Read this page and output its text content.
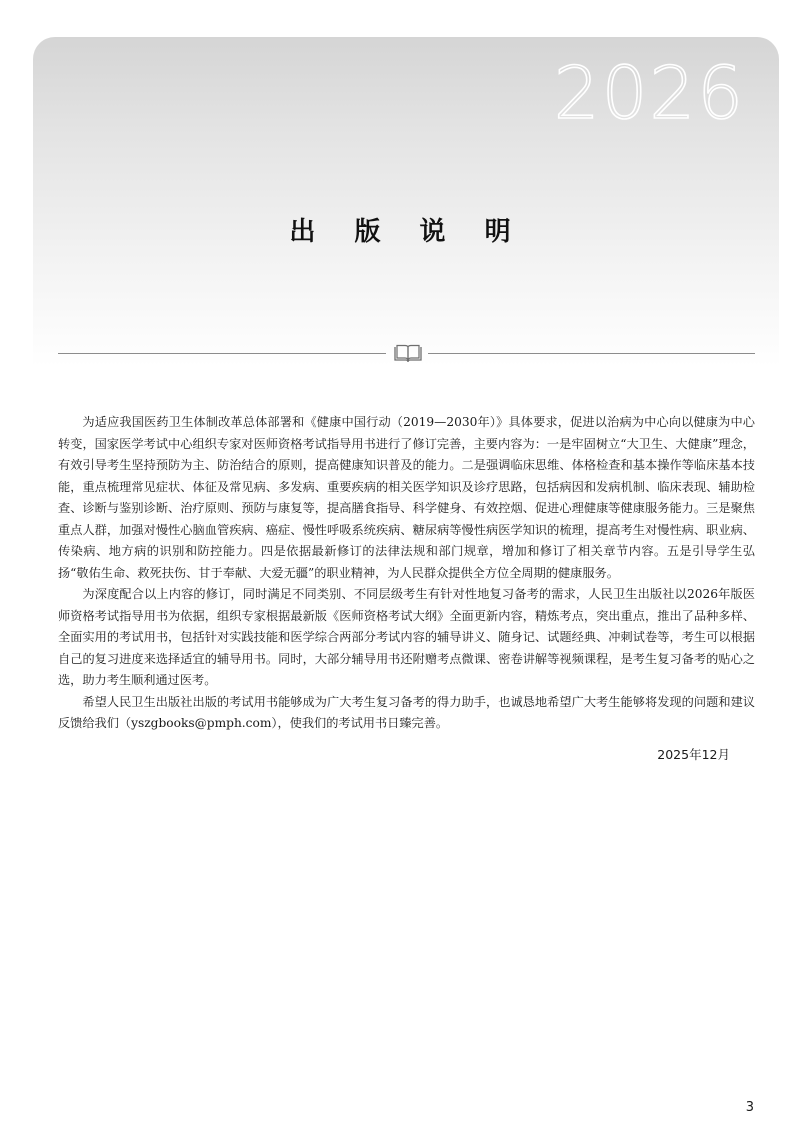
2026
出 版 说 明

为适应我国医药卫生体制改革总体部署和《健康中国行动（2019—2030年）》具体要求，促进以治病为中心向以健康为中心转变，国家医学考试中心组织专家对医师资格考试指导用书进行了修订完善，主要内容为：一是牢固树立“大卫生、大健康”理念，有效引导考生坚持预防为主、防治结合的原则，提高健康知识普及的能力。二是强调临床思维、体格检查和基本操作等临床基本技能，重点梳理常见症状、体征及常见病、多发病、重要疾病的相关医学知识及诊疗思路，包括病因和发病机制、临床表现、辅助检查、诊断与鉴别诊断、治疗原则、预防与康复等，提高膳食指导、科学健身、有效控烟、促进心理健康等健康服务能力。三是聚焦重点人群，加强对慢性心脑血管疾病、癌症、慢性呼吸系统疾病、糖尿病等慢性病医学知识的梳理，提高考生对慢性病、职业病、传染病、地方病的识别和防控能力。四是依据最新修订的法律法规和部门规章，增加和修订了相关章节内容。五是引导学生弘扬“敬佑生命、救死扶伤、甘于奉献、大爱无疆”的职业精神，为人民群众提供全方位全周期的健康服务。

为深度配合以上内容的修订，同时满足不同类别、不同层级考生有针对性地复习备考的需求，人民卫生出版社以2026年版医师资格考试指导用书为依据，组织专家根据最新版《医师资格考试大纲》全面更新内容，精炼考点，突出重点，推出了品种多样、全面实用的考试用书，包括针对实践技能和医学综合两部分考试内容的辅导讲义、随身记、试题经典、冲刺试卷等，考生可以根据自己的复习进度来选择适宜的辅导用书。同时，大部分辅导用书还附赠考点微课、密卷讲解等视频课程，是考生复习备考的贴心之选，助力考生顺利通过医考。

希望人民卫生出版社出版的考试用书能够成为广大考生复习备考的得力助手，也诚恳地希望广大考生能够将发现的问题和建议反馈给我们（yszgbooks@pmph.com），使我们的考试用书日臻完善。

2025年12月
3
